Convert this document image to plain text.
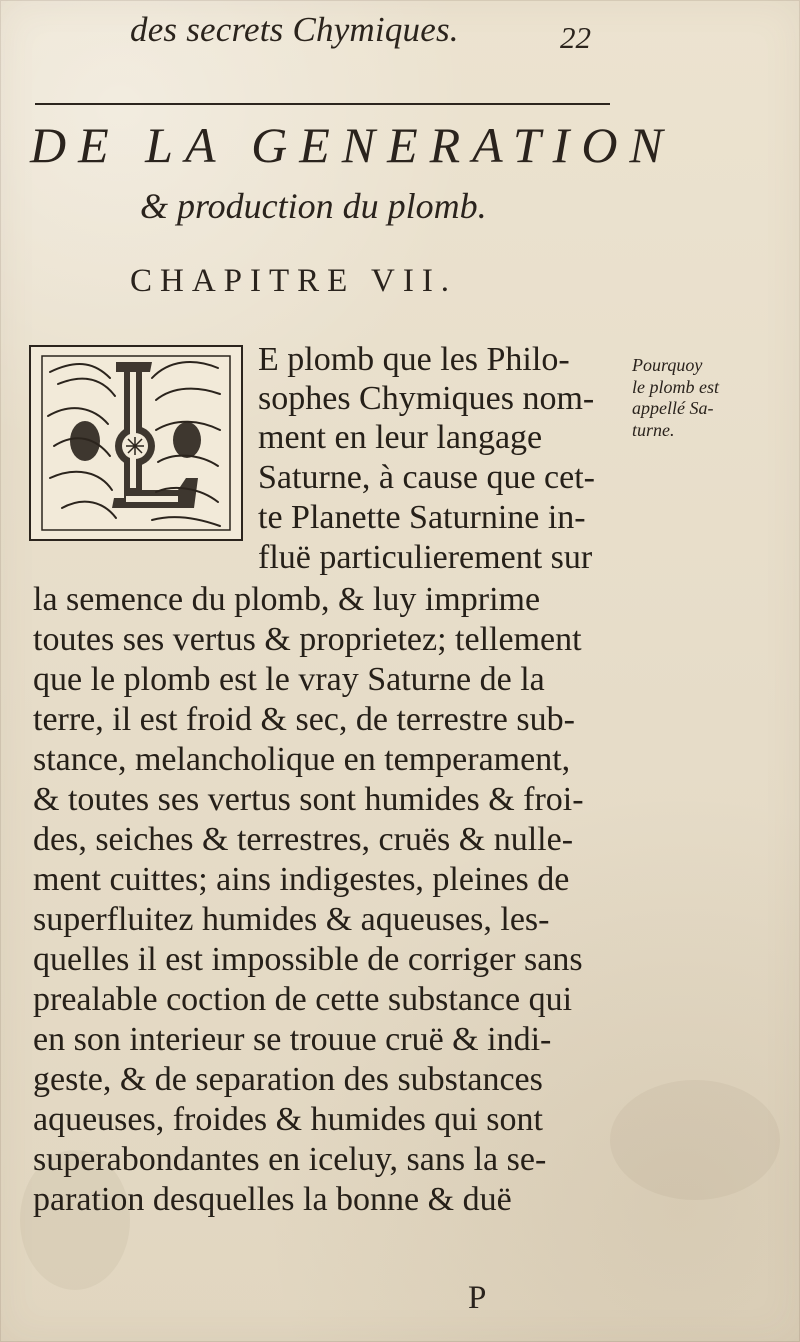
des secrets Chymiques.	22
DE LA GENERATION
& production du plomb.
CHAPITRE VII.
E plomb que les Philo-
sophes Chymiques nom-
ment en leur langage
Saturne, à cause que cet-
te Planette Saturnine in-
fluë particulierement sur
la semence du plomb, & luy imprime
toutes ses vertus & proprietez; tellement
que le plomb est le vray Saturne de la
terre, il est froid & sec, de terrestre sub-
stance, melancholique en temperament,
& toutes ses vertus sont humides & froi-
des, seiches & terrestres, cruës & nulle-
ment cuittes; ains indigestes, pleines de
superfluitez humides & aqueuses, les-
quelles il est impossible de corriger sans
prealable coction de cette substance qui
en son interieur se trouue cruë & indi-
geste, & de separation des substances
aqueuses, froides & humides qui sont
superabondantes en iceluy, sans la se-
paration desquelles la bonne & duë
Pourquoy
le plomb est
appellé Sa-
turne.
P
